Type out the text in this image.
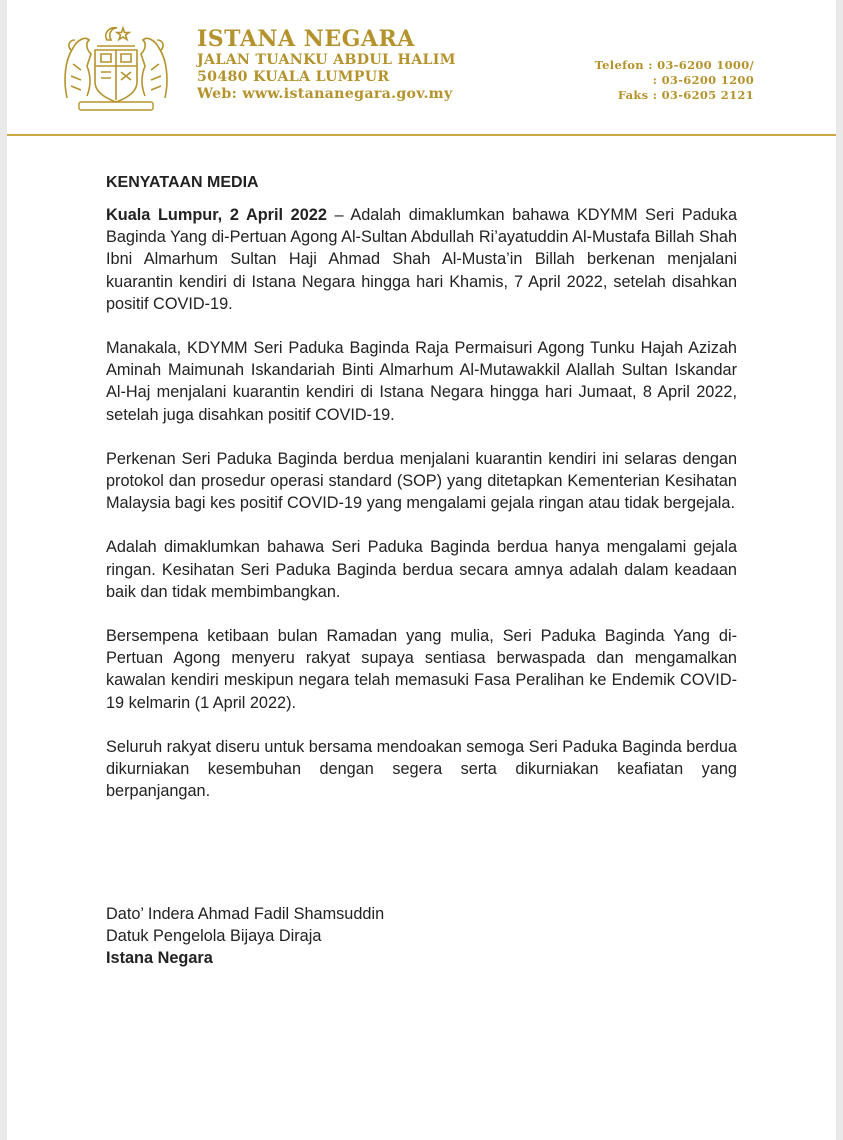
ISTANA NEGARA
JALAN TUANKU ABDUL HALIM
50480 KUALA LUMPUR
Web: www.istananegara.gov.my
Telefon : 03-6200 1000/
: 03-6200 1200
Faks : 03-6205 2121
KENYATAAN MEDIA

Kuala Lumpur, 2 April 2022 – Adalah dimaklumkan bahawa KDYMM Seri Paduka Baginda Yang di-Pertuan Agong Al-Sultan Abdullah Ri’ayatuddin Al-Mustafa Billah Shah Ibni Almarhum Sultan Haji Ahmad Shah Al-Musta’in Billah berkenan menjalani kuarantin kendiri di Istana Negara hingga hari Khamis, 7 April 2022, setelah disahkan positif COVID-19.

Manakala, KDYMM Seri Paduka Baginda Raja Permaisuri Agong Tunku Hajah Azizah Aminah Maimunah Iskandariah Binti Almarhum Al-Mutawakkil Alallah Sultan Iskandar Al-Haj menjalani kuarantin kendiri di Istana Negara hingga hari Jumaat, 8 April 2022, setelah juga disahkan positif COVID-19.

Perkenan Seri Paduka Baginda berdua menjalani kuarantin kendiri ini selaras dengan protokol dan prosedur operasi standard (SOP) yang ditetapkan Kementerian Kesihatan Malaysia bagi kes positif COVID-19 yang mengalami gejala ringan atau tidak bergejala.

Adalah dimaklumkan bahawa Seri Paduka Baginda berdua hanya mengalami gejala ringan. Kesihatan Seri Paduka Baginda berdua secara amnya adalah dalam keadaan baik dan tidak membimbangkan.

Bersempena ketibaan bulan Ramadan yang mulia, Seri Paduka Baginda Yang di-Pertuan Agong menyeru rakyat supaya sentiasa berwaspada dan mengamalkan kawalan kendiri meskipun negara telah memasuki Fasa Peralihan ke Endemik COVID-19 kelmarin (1 April 2022).

Seluruh rakyat diseru untuk bersama mendoakan semoga Seri Paduka Baginda berdua dikurniakan kesembuhan dengan segera serta dikurniakan keafiatan yang berpanjangan.

Dato’ Indera Ahmad Fadil Shamsuddin
Datuk Pengelola Bijaya Diraja
Istana Negara
